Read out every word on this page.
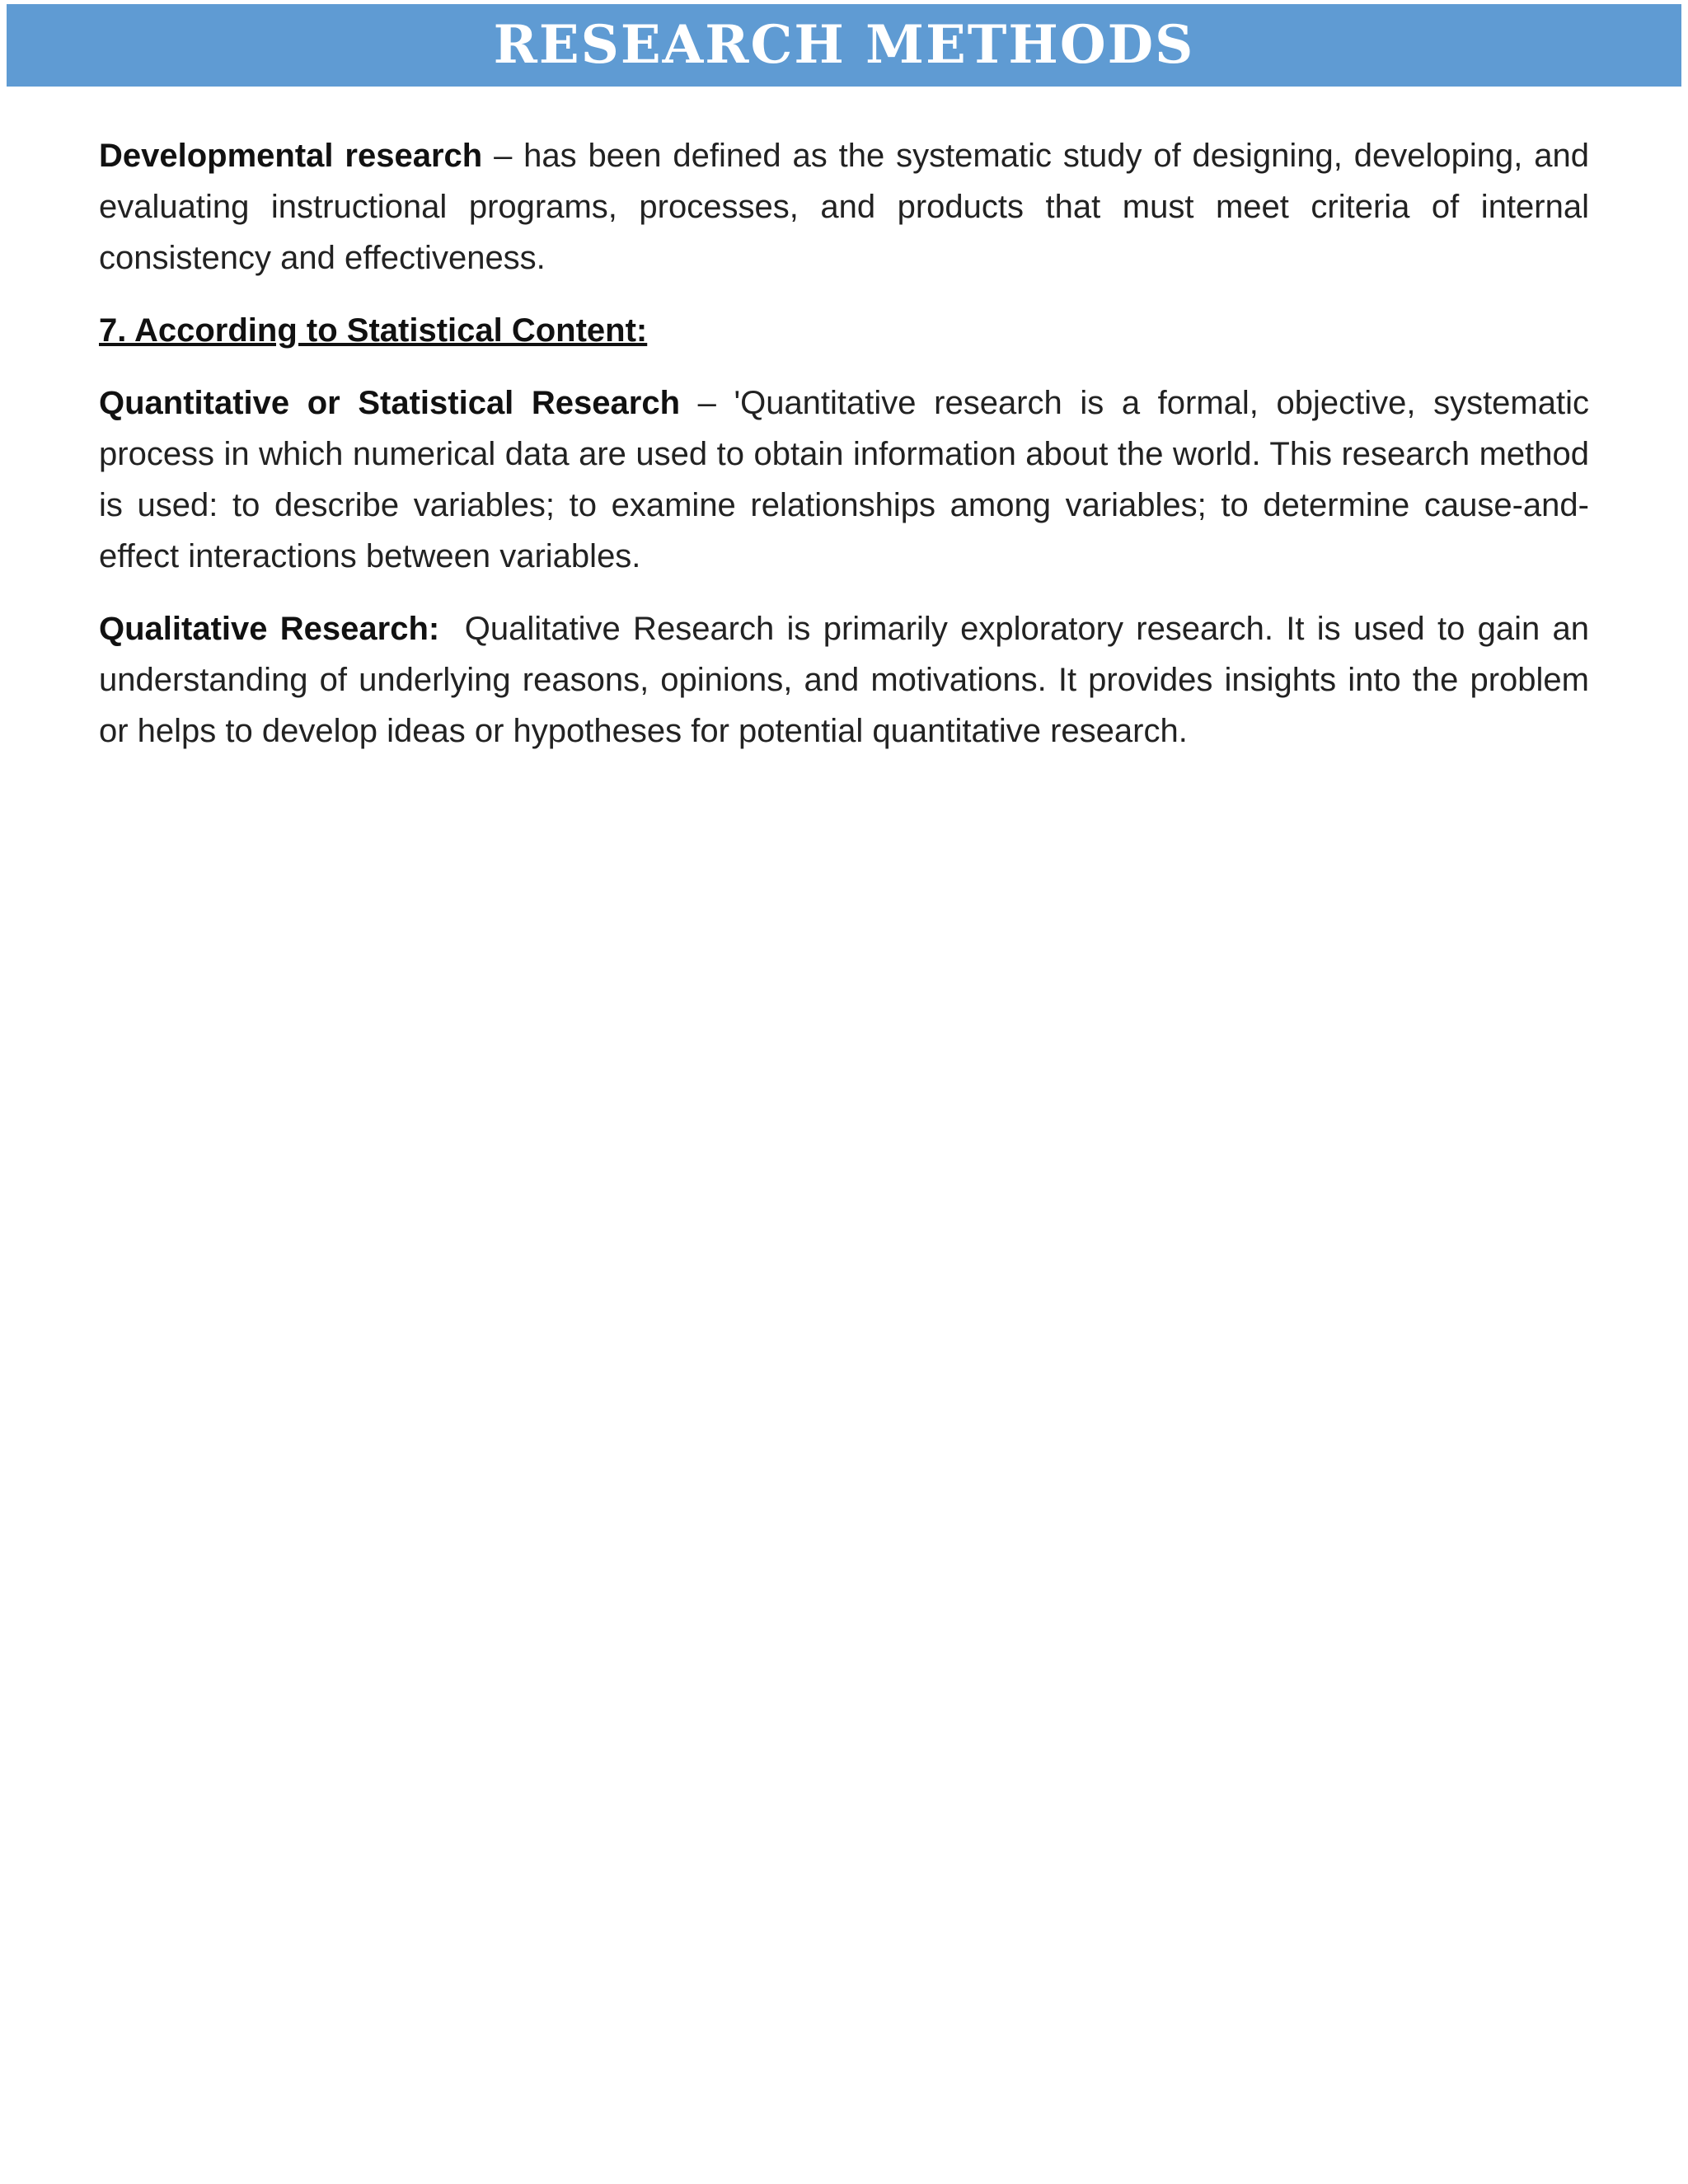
RESEARCH METHODS

Developmental research – has been defined as the systematic study of designing, developing, and evaluating instructional programs, processes, and products that must meet criteria of internal consistency and effectiveness.

7. According to Statistical Content:

Quantitative or Statistical Research – 'Quantitative research is a formal, objective, systematic process in which numerical data are used to obtain information about the world. This research method is used: to describe variables; to examine relationships among variables; to determine cause-and-effect interactions between variables.

Qualitative Research:  Qualitative Research is primarily exploratory research. It is used to gain an understanding of underlying reasons, opinions, and motivations. It provides insights into the problem or helps to develop ideas or hypotheses for potential quantitative research.
